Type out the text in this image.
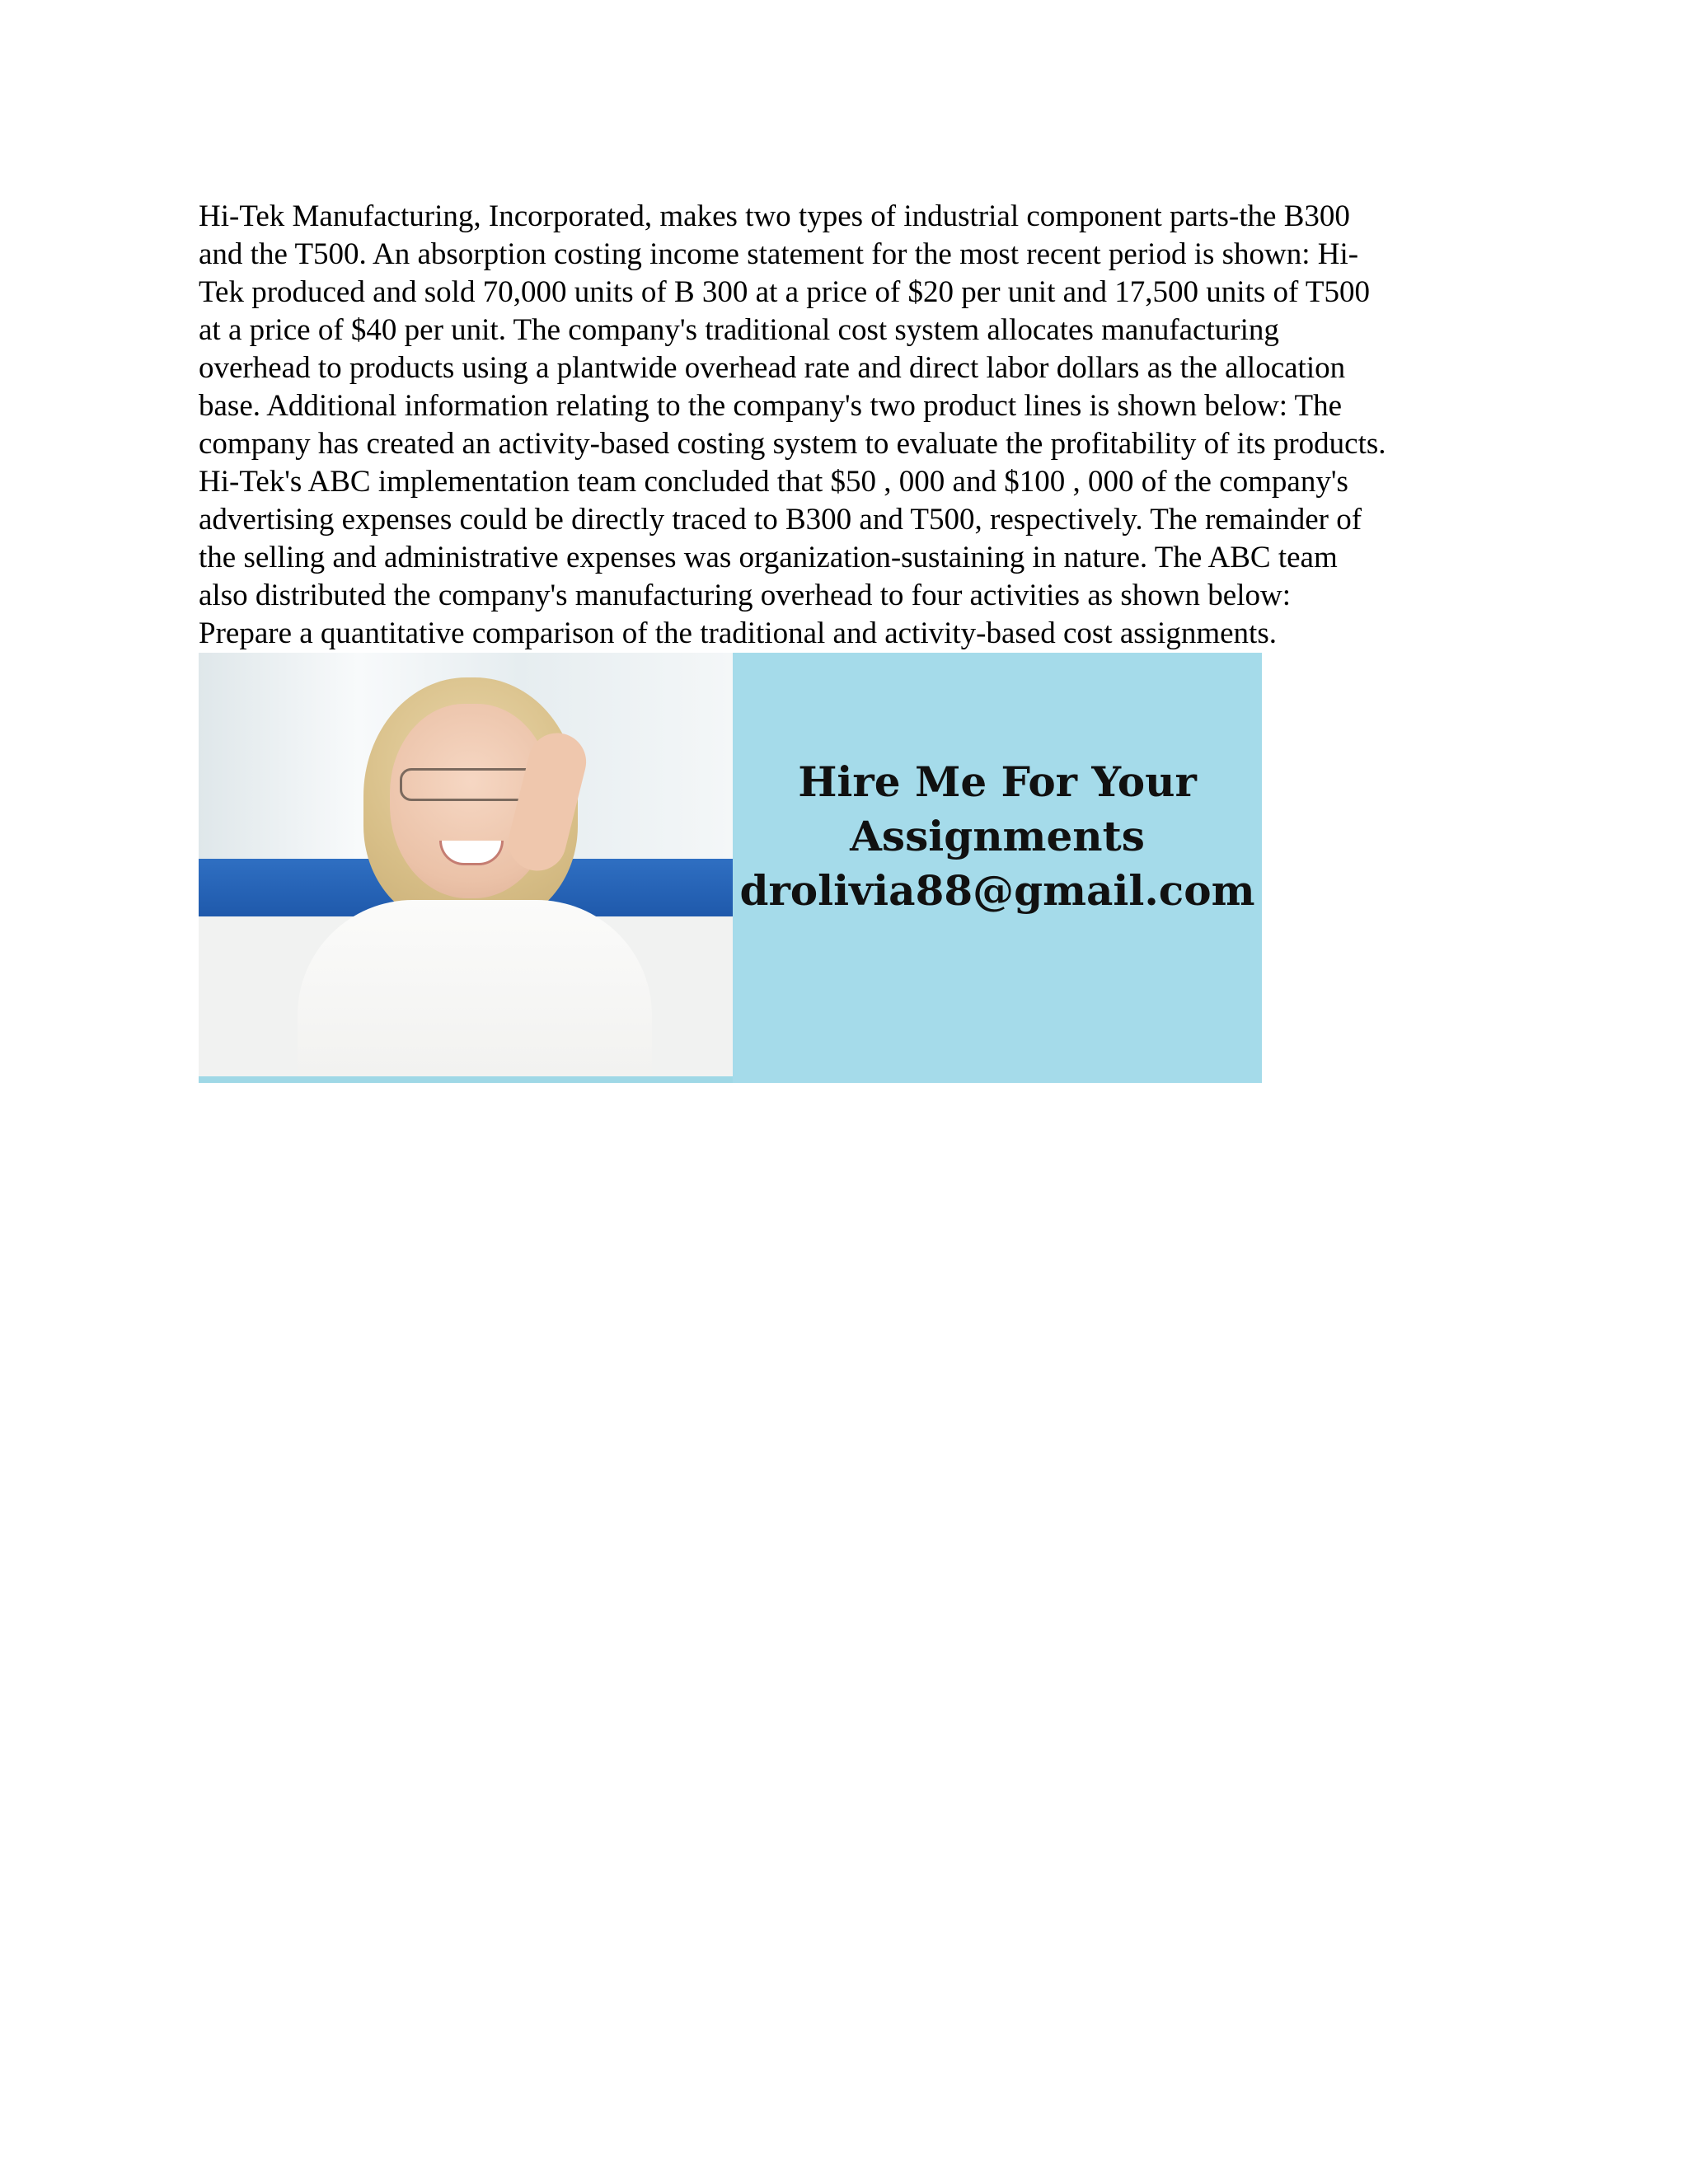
Hi-Tek Manufacturing, Incorporated, makes two types of industrial component parts-the B300
and the T500. An absorption costing income statement for the most recent period is shown: Hi-
Tek produced and sold 70,000 units of B 300 at a price of $20 per unit and 17,500 units of T500
at a price of $40 per unit. The company's traditional cost system allocates manufacturing
overhead to products using a plantwide overhead rate and direct labor dollars as the allocation
base. Additional information relating to the company's two product lines is shown below: The
company has created an activity-based costing system to evaluate the profitability of its products.
Hi-Tek's ABC implementation team concluded that $50 , 000 and $100 , 000 of the company's
advertising expenses could be directly traced to B300 and T500, respectively. The remainder of
the selling and administrative expenses was organization-sustaining in nature. The ABC team
also distributed the company's manufacturing overhead to four activities as shown below:
Prepare a quantitative comparison of the traditional and activity-based cost assignments.
Hire Me For Your
Assignments
drolivia88@gmail.com
